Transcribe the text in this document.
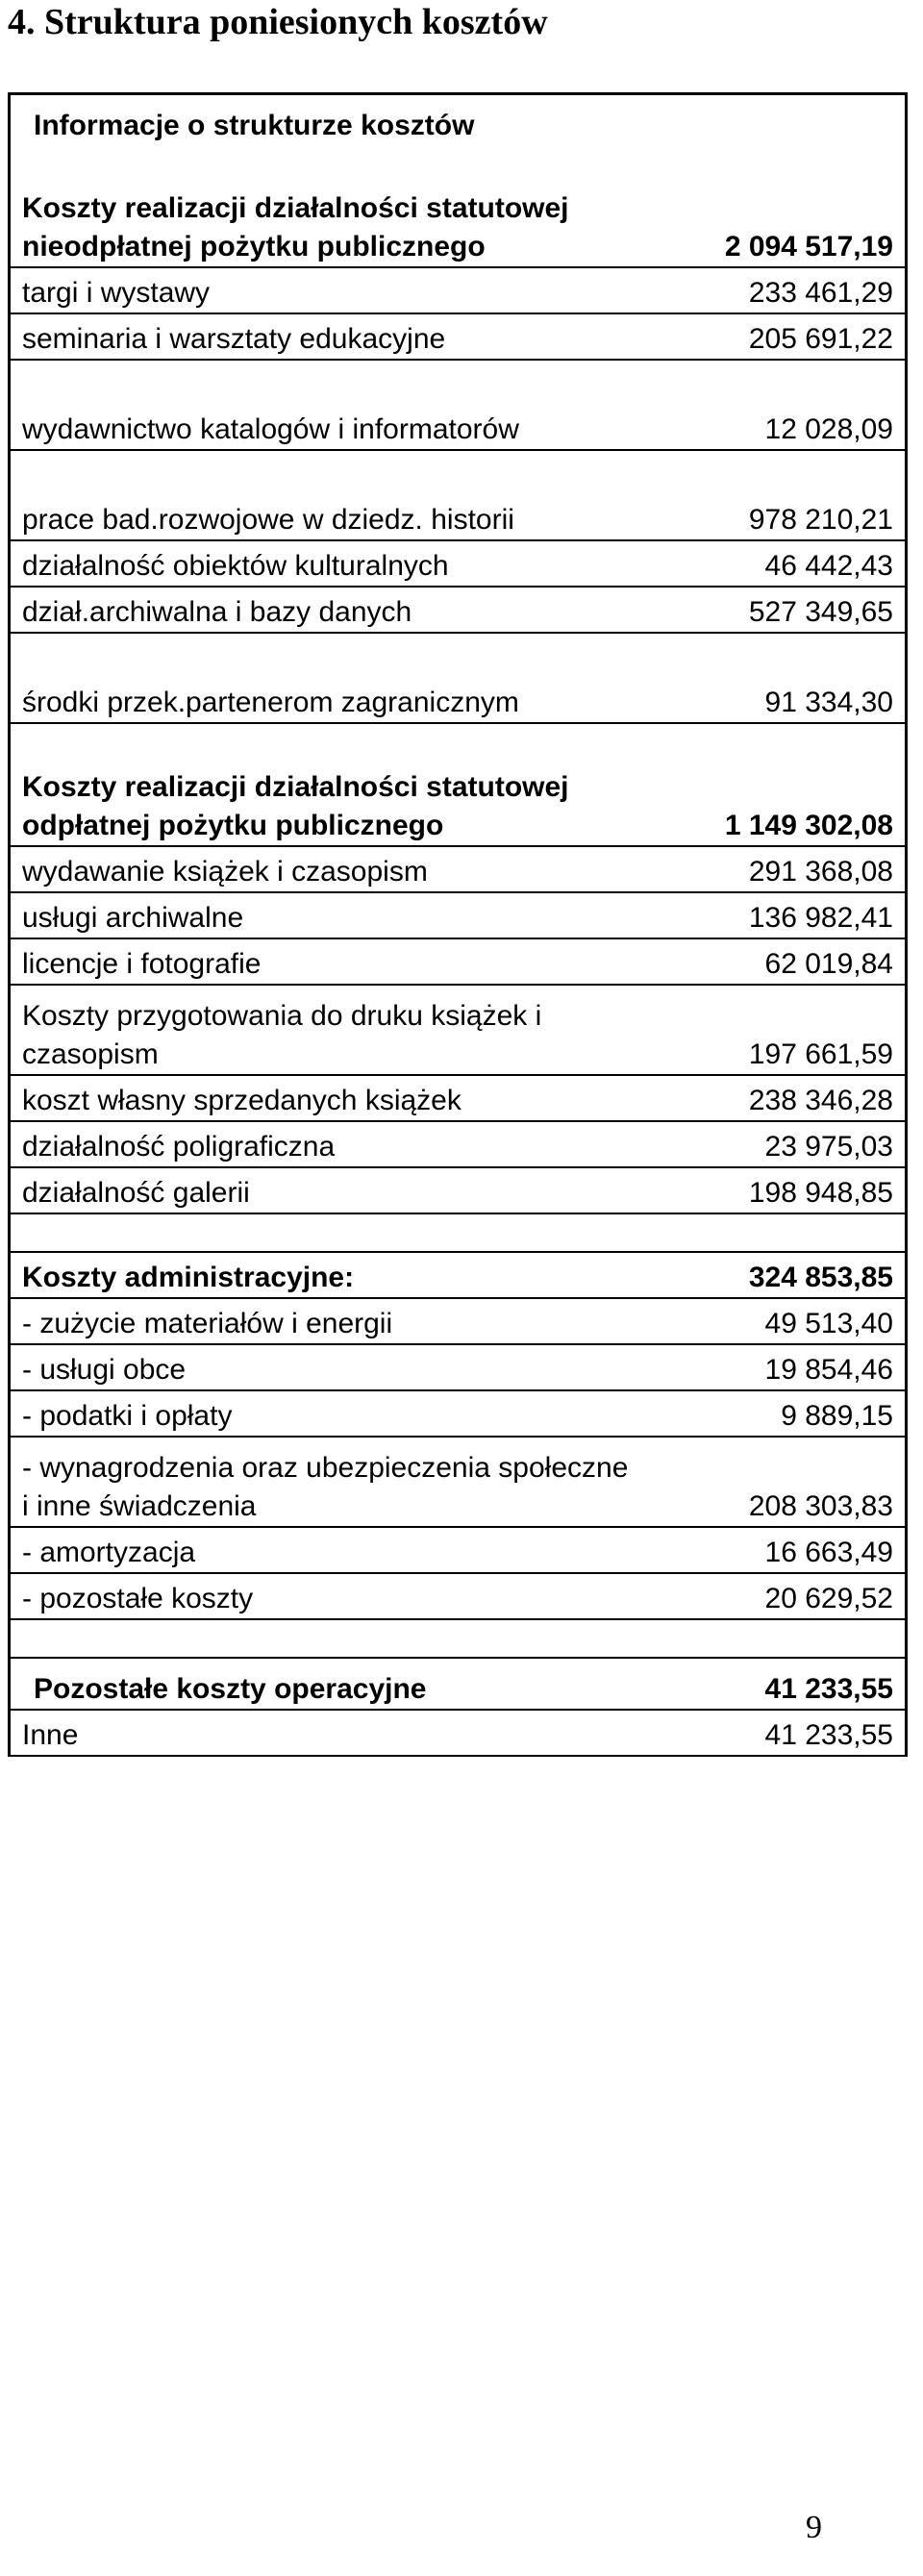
4. Struktura poniesionych kosztów
Informacje o strukturze kosztów	
Koszty realizacji działalności statutowej nieodpłatnej pożytku publicznego	2 094 517,19
targi i wystawy	233 461,29
seminaria i warsztaty edukacyjne	205 691,22
wydawnictwo katalogów i informatorów	12 028,09
prace bad.rozwojowe w dziedz. historii	978 210,21
działalność obiektów kulturalnych	46 442,43
dział.archiwalna i bazy danych	527 349,65
środki przek.partenerom zagranicznym	91 334,30
Koszty realizacji działalności statutowej odpłatnej pożytku publicznego	1 149 302,08
wydawanie książek i czasopism	291 368,08
usługi archiwalne	136 982,41
licencje i fotografie	62 019,84
Koszty przygotowania do druku książek i czasopism	197 661,59
koszt własny sprzedanych książek	238 346,28
działalność poligraficzna	23 975,03
działalność galerii	198 948,85

Koszty administracyjne:	324 853,85
- zużycie materiałów i energii	49 513,40
- usługi obce	19 854,46
- podatki i opłaty	9 889,15
- wynagrodzenia oraz ubezpieczenia społeczne i inne świadczenia	208 303,83
- amortyzacja	16 663,49
- pozostałe koszty	20 629,52

Pozostałe koszty operacyjne	41 233,55
Inne	41 233,55

9
